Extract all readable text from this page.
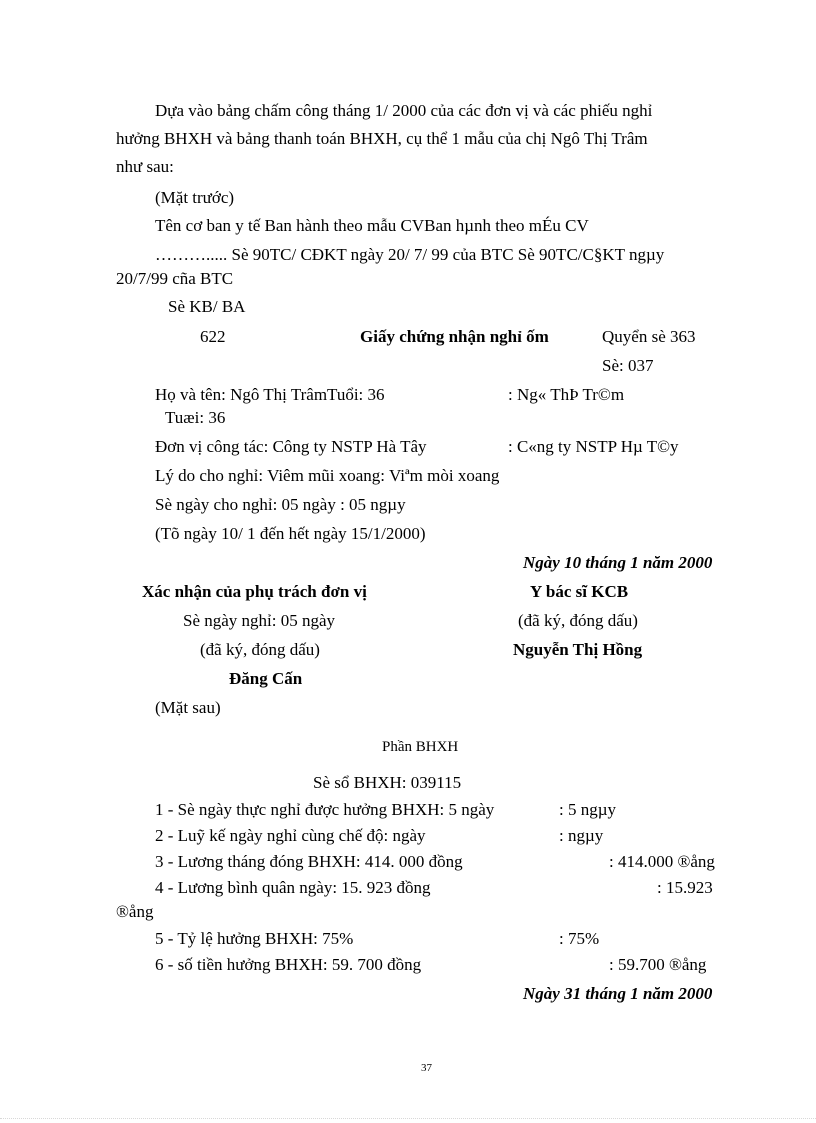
Dựa vào bảng chấm công tháng 1/ 2000 của các đơn vị và các phiếu nghỉ
hưởng BHXH và bảng thanh toán BHXH, cụ thể 1 mẫu của chị Ngô Thị Trâm
như sau:
(Mặt trước)
Tên cơ ban y tế Ban hành theo mẫu CVBan hµnh theo mÉu CV
………..... Sè 90TC/ CĐKT ngày 20/ 7/ 99 của BTC Sè 90TC/C§KT ngµy
20/7/99 cña BTC
Sè KB/ BA
622	Giấy chứng nhận nghỉ ốm	Quyển sè 363
Sè: 037
Họ và tên: Ngô Thị TrâmTuổi: 36	: Ng« ThÞ Tr©m
Tuæi: 36
Đơn vị công tác: Công ty NSTP Hà Tây	: C«ng ty NSTP Hµ T©y
Lý do cho nghỉ: Viêm mũi xoang: Viªm mòi xoang
Sè ngày cho nghỉ: 05 ngày : 05 ngµy
(Tõ ngày 10/ 1 đến hết ngày 15/1/2000)
Ngày 10 tháng 1 năm 2000
Xác nhận của phụ trách đơn vị	Y bác sĩ KCB
Sè ngày nghỉ: 05 ngày	(đã ký, đóng dấu)
(đã ký, đóng dấu)	Nguyễn Thị Hồng
Đăng Cấn
(Mặt sau)
Phần BHXH
Sè sổ BHXH: 039115
1 - Sè ngày thực nghỉ được hưởng BHXH: 5 ngày	: 5 ngµy
2 - Luỹ kế ngày nghỉ cùng chế độ: ngày	: ngµy
3 - Lương tháng đóng BHXH: 414. 000 đồng	: 414.000 ®ång
4 - Lương bình quân ngày: 15. 923 đồng	: 15.923
®ång
5 - Tỷ lệ hưởng BHXH: 75%	: 75%
6 - số tiền hưởng BHXH: 59. 700 đồng	: 59.700 ®ång
Ngày 31 tháng 1 năm 2000
37
